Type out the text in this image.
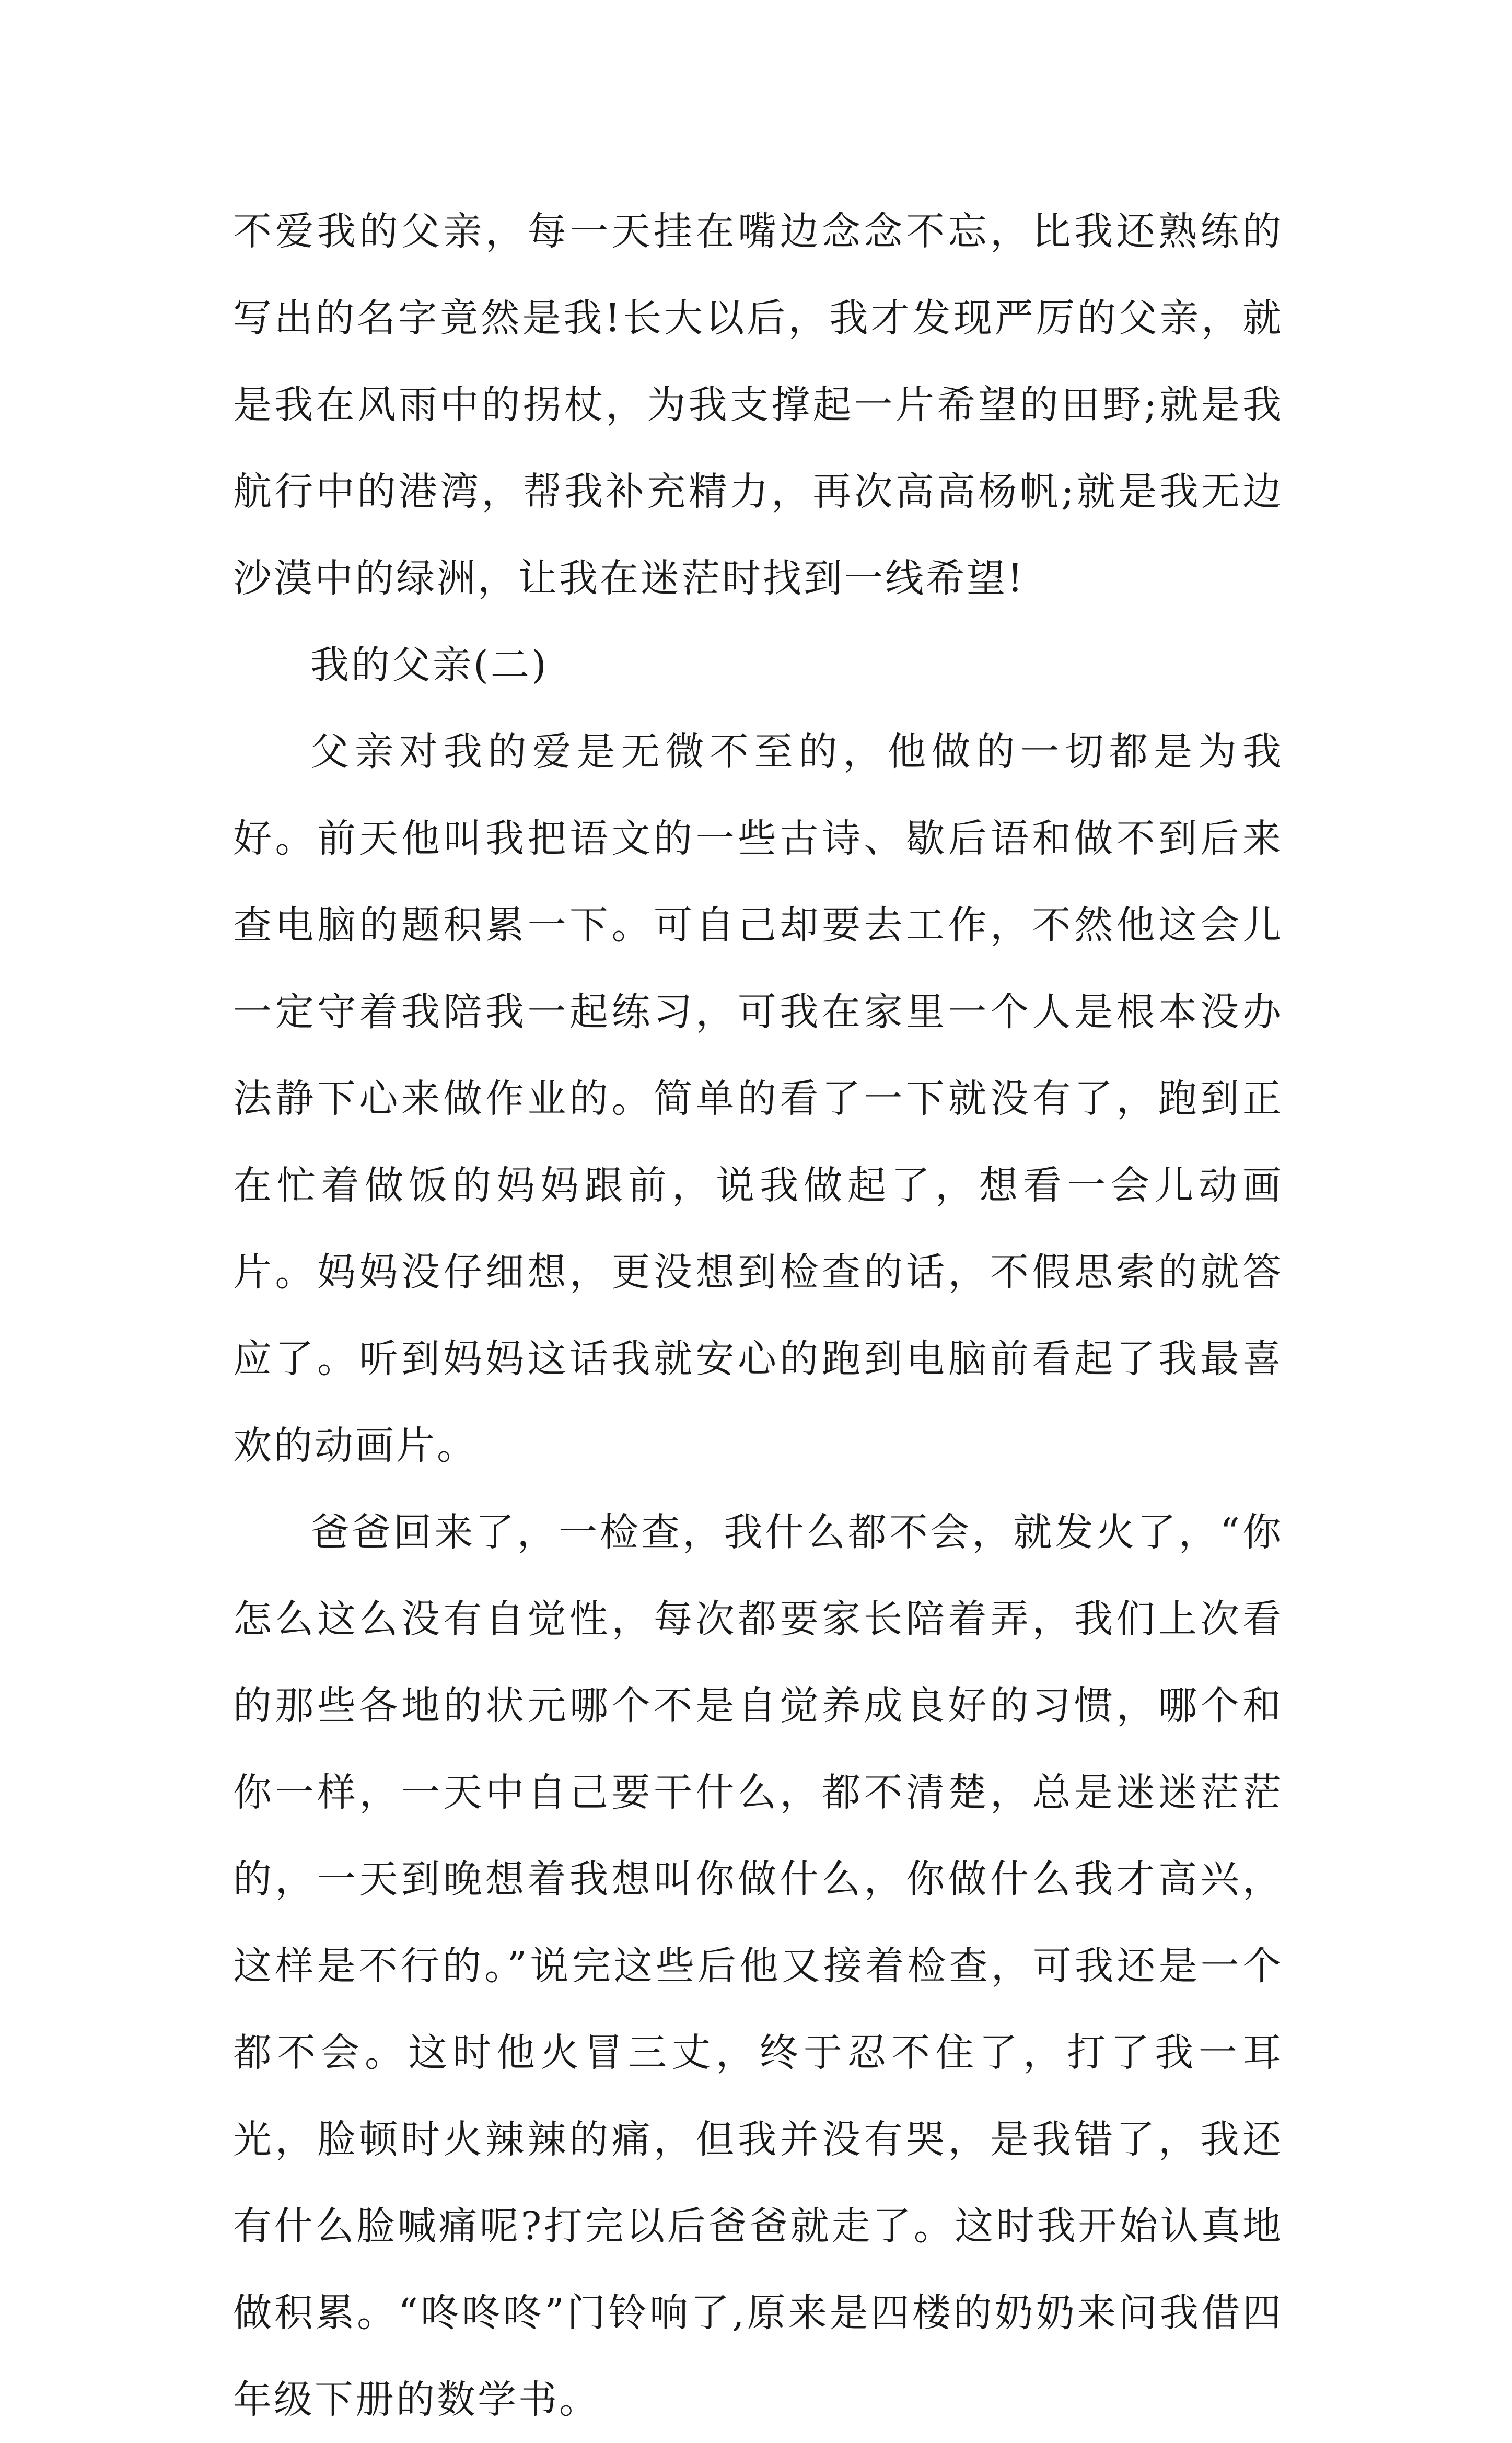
不爱我的父亲，每一天挂在嘴边念念不忘，比我还熟练的写出的名字竟然是我!长大以后，我才发现严厉的父亲，就是我在风雨中的拐杖，为我支撑起一片希望的田野;就是我航行中的港湾，帮我补充精力，再次高高杨帆;就是我无边沙漠中的绿洲，让我在迷茫时找到一线希望!

我的父亲(二)

父亲对我的爱是无微不至的，他做的一切都是为我好。前天他叫我把语文的一些古诗、歇后语和做不到后来查电脑的题积累一下。可自己却要去工作，不然他这会儿一定守着我陪我一起练习，可我在家里一个人是根本没办法静下心来做作业的。简单的看了一下就没有了，跑到正在忙着做饭的妈妈跟前，说我做起了，想看一会儿动画片。妈妈没仔细想，更没想到检查的话，不假思索的就答应了。听到妈妈这话我就安心的跑到电脑前看起了我最喜欢的动画片。

爸爸回来了，一检查，我什么都不会，就发火了，“你怎么这么没有自觉性，每次都要家长陪着弄，我们上次看的那些各地的状元哪个不是自觉养成良好的习惯，哪个和你一样，一天中自己要干什么，都不清楚，总是迷迷茫茫的，一天到晚想着我想叫你做什么，你做什么我才高兴，这样是不行的。”说完这些后他又接着检查，可我还是一个都不会。这时他火冒三丈，终于忍不住了，打了我一耳光，脸顿时火辣辣的痛，但我并没有哭，是我错了，我还有什么脸喊痛呢?打完以后爸爸就走了。这时我开始认真地做积累。“咚咚咚”门铃响了,原来是四楼的奶奶来问我借四年级下册的数学书。
